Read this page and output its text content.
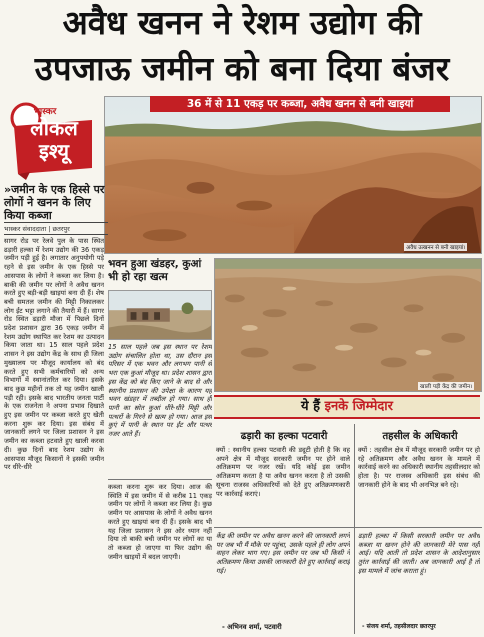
अवैध खनन ने रेशम उद्योग की
उपजाऊ जमीन को बना दिया बंजर
36 में से 11 एकड़ पर कब्जा, अवैध खनन से बनी खाइयां
अवैध उत्खनन से बनी खाइयां।
भास्कर
लोकल
इश्यू
»जमीन के एक हिस्से पर लोगों ने खनन के लिए किया कब्जा
भास्कर संवाददाता | छतरपुर
सागर रोड पर रेलवे पुल के पास स्थित ढड़ारी हल्का में रेशम उद्योग की 36 एकड़ जमीन पड़ी हुई है। लगातार अनुपयोगी पड़े रहने से इस जमीन के एक हिस्से पर आसपास के लोगों ने कब्जा कर लिया है। बाकी की जमीन पर लोगों ने अवैध खनन करते हुए बड़ी-बड़ी खाइयां बना दी हैं। शेष बची समतल जमीन की मिट्टी निकालकर लोग ईंट भट्टा लगाने की तैयारी में हैं। सागर रोड स्थित ढड़ारी मौजा में पिछले दिनों प्रदेश प्रशासन द्वारा 36 एकड़ जमीन में रेशम उद्योग स्थापित कर रेशम का उत्पादन किया जाता था। 15 साल पहले प्रदेश शासन ने इस उद्योग केंद्र के साथ ही जिला मुख्यालय पर मौजूद कार्यालय को बंद करते हुए सभी कर्मचारियों को अन्य विभागों में स्थानांतरित कर दिया। इसके बाद कुछ महीनों तक तो यह जमीन खाली पड़ी रही। इसके बाद भारतीय जनता पार्टी के एक राजनेता ने अपना प्रभाव दिखाते हुए इस जमीन पर कब्जा करते हुए खेती करना शुरू कर दिया। इस संबंध में जानकारी लगने पर जिला प्रशासन ने इस जमीन का कब्जा हटवाते हुए खाली करवा दी। कुछ दिनों बाद रेशम उद्योग के आसपास मौजूद किसानों ने इसकी जमीन पर धीरे-धीरे
भवन हुआ खंडहर, कुआं भी हो रहा खत्म
15 साल पहले जब इस स्थान पर रेशम उद्योग संचालित होता था, उस दौरान इस परिसर में एक भवन और लगभग पानी से भरा एक कुआं मौजूद था। प्रदेश शासन द्वारा इस केंद्र को बंद किए जाने के बाद से और स्थानीय प्रशासन की उपेक्षा के कारण यह भवन खंडहर में तब्दील हो गया। साथ ही पानी का स्रोत कुआं धीरे-धीरे मिट्टी और पत्थरों के गिरने से खत्म हो गया। आज इस कुएं में पानी के स्थान पर ईंट और पत्थर नजर आते हैं।
कब्जा करना शुरू कर दिया। आज की स्थिति में इस जमीन में से करीब 11 एकड़ जमीन पर लोगों ने कब्जा कर लिया है। कुछ जमीन पर आसपास के लोगों ने अवैध खनन करते हुए खाइयां बना दी हैं। इसके बाद भी यह जिला प्रशासन ने इस ओर ध्यान नहीं दिया तो बाकी बची जमीन पर लोगों का या तो कब्जा हो जाएगा या फिर उद्योग की जमीन खाइयों में बदल जाएगी।
खाली पड़ी केंद्र की जमीन।
ये हैं इनके जिम्मेदार
ढड़ारी का हल्का पटवारी
क्यों : स्थानीय हल्का पटवारी की ड्यूटी होती है कि वह अपने क्षेत्र में मौजूद सरकारी जमीन पर होने वाले अतिक्रमण पर नजर रखें। यदि कोई इस जमीन अतिक्रमण करता है या अवैध खनन करता है तो उसकी सूचना राजस्व अधिकारियों को देते हुए अतिक्रमणकारी पर कार्रवाई कराएं।
तहसील के अधिकारी
क्यों : तहसील क्षेत्र में मौजूद सरकारी जमीन पर हो रहे अतिक्रमण और अवैध खनन के मामले में कार्रवाई करने का अधिकारी स्थानीय तहसीलदार को होता है। पर राजस्व अधिकारी इस संबंध की जानकारी होने के बाद भी अनभिज्ञ बने रहे।
केंद्र की जमीन पर अवैध खनन करने की जानकारी लगने पर जब भी मैं मौके पर पहुंचा, उसके पहले ही लोग अपने वाहन लेकर भाग गए। इस जमीन पर जब भी किसी ने अतिक्रमण किया उसकी जानकारी देते हुए कार्रवाई कराई गई।
- अभिनव शर्मा, पटवारी
ढड़ारी हल्का में किसी सरकारी जमीन पर अवैध कब्जा या खनन होने की जानकारी मेरे पास नहीं आई। यदि आती तो प्रदेश शासन के आदेशानुसार तुरंत कार्रवाई की जाती। अब जानकारी आई है तो इस मामले में जांच कराता हूं।
- संजय शर्मा, तहसीलदार छतरपुर
